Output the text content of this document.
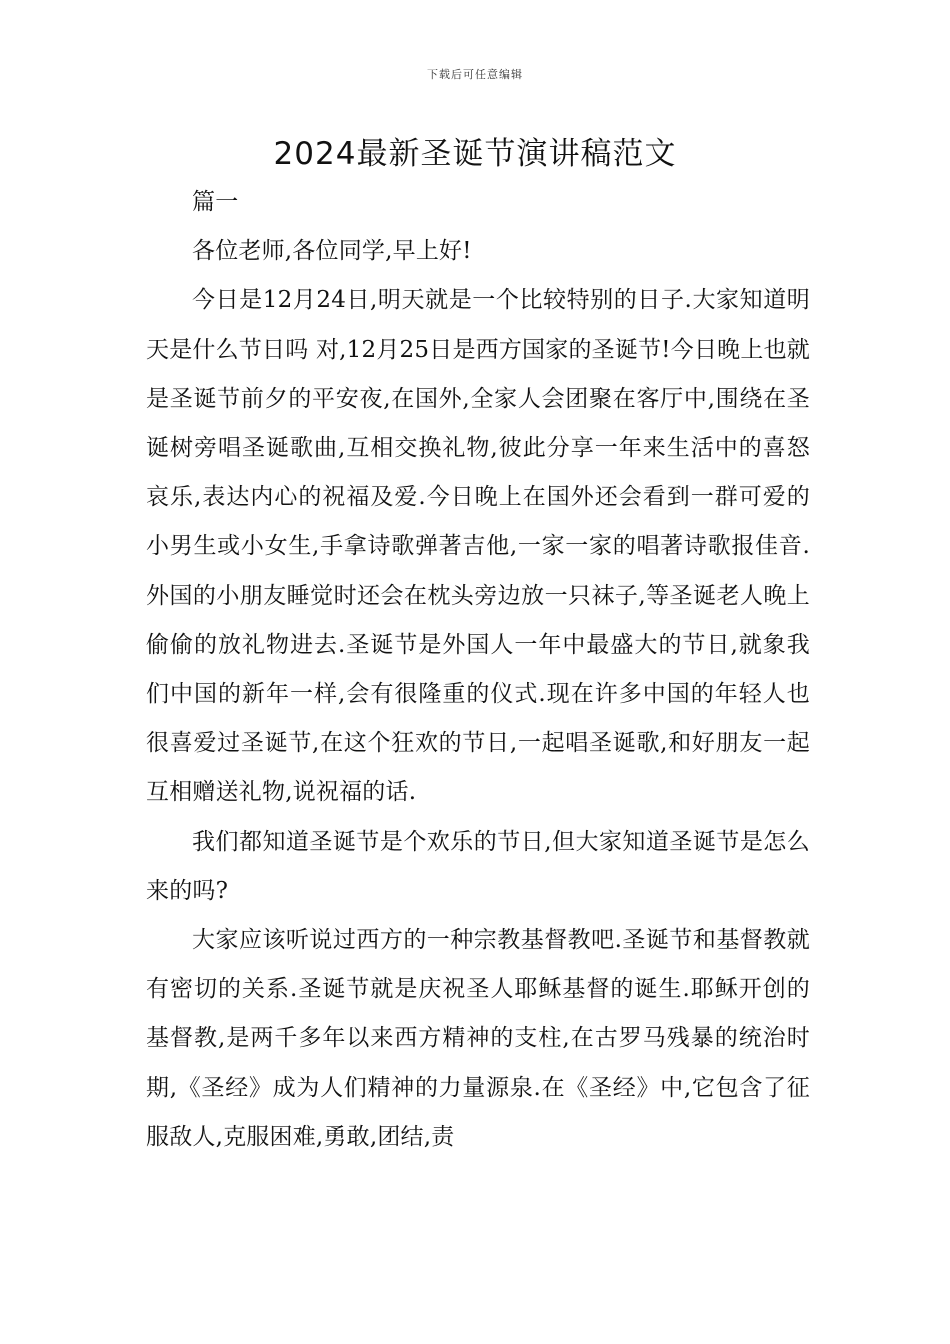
下载后可任意编辑
2024最新圣诞节演讲稿范文

篇一

各位老师,各位同学,早上好!

今日是12月24日,明天就是一个比较特别的日子.大家知道明天是什么节日吗 对,12月25日是西方国家的圣诞节!今日晚上也就是圣诞节前夕的平安夜,在国外,全家人会团聚在客厅中,围绕在圣诞树旁唱圣诞歌曲,互相交换礼物,彼此分享一年来生活中的喜怒哀乐,表达内心的祝福及爱.今日晚上在国外还会看到一群可爱的小男生或小女生,手拿诗歌弹著吉他,一家一家的唱著诗歌报佳音.外国的小朋友睡觉时还会在枕头旁边放一只袜子,等圣诞老人晚上偷偷的放礼物进去.圣诞节是外国人一年中最盛大的节日,就象我们中国的新年一样,会有很隆重的仪式.现在许多中国的年轻人也很喜爱过圣诞节,在这个狂欢的节日,一起唱圣诞歌,和好朋友一起互相赠送礼物,说祝福的话.

我们都知道圣诞节是个欢乐的节日,但大家知道圣诞节是怎么来的吗?

大家应该听说过西方的一种宗教基督教吧.圣诞节和基督教就有密切的关系.圣诞节就是庆祝圣人耶稣基督的诞生.耶稣开创的基督教,是两千多年以来西方精神的支柱,在古罗马残暴的统治时期,《圣经》成为人们精神的力量源泉.在《圣经》中,它包含了征服敌人,克服困难,勇敢,团结,责
